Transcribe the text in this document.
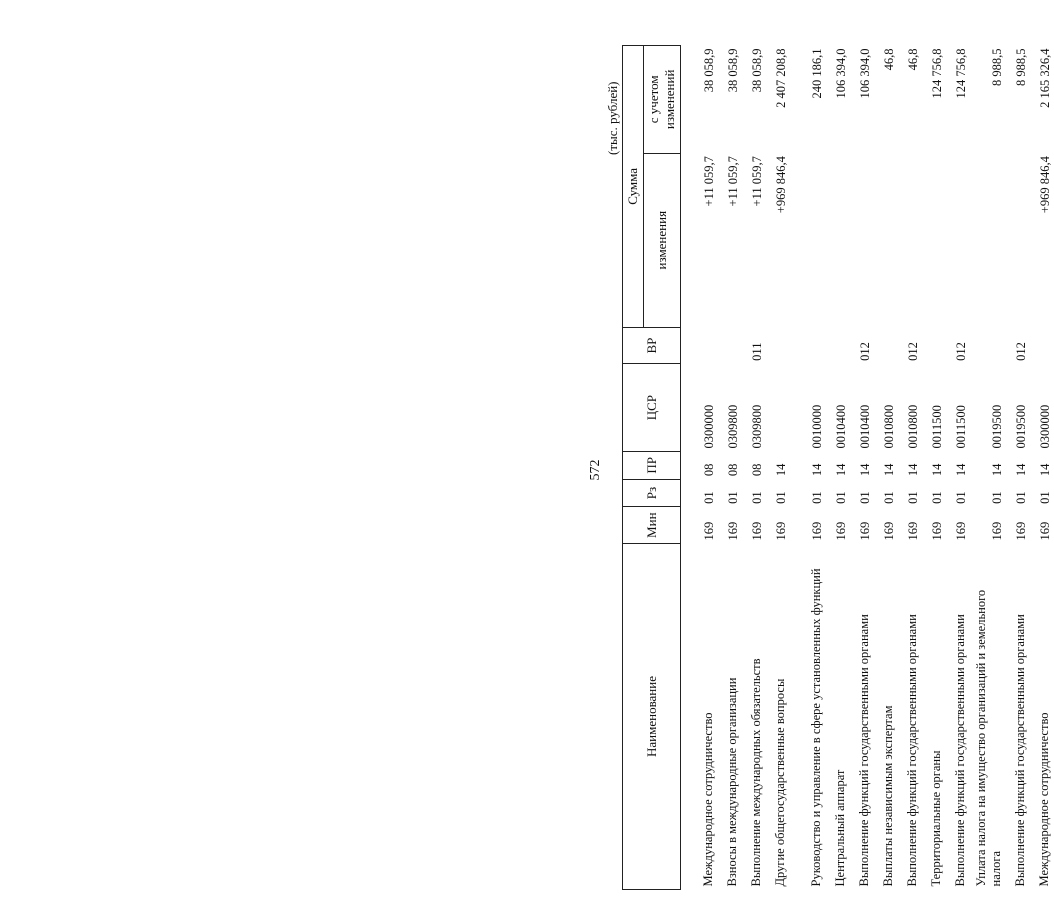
572
(тыс. рублей)
Наименование	Мин	Рз	ПР	ЦСР	ВР	Сумма	
						изменения	с учетом изменений
Международное сотрудничество	169	01	08	0300000		+11 059,7	38 058,9
Взносы в международные организации	169	01	08	0309800		+11 059,7	38 058,9
Выполнение международных обязательств	169	01	08	0309800	011	+11 059,7	38 058,9
Другие общегосударственные вопросы	169	01	14			+969 846,4	2 407 208,8
Руководство и управление в сфере установленных функций	169	01	14	0010000			240 186,1
Центральный аппарат	169	01	14	0010400			106 394,0
Выполнение функций государственными органами	169	01	14	0010400	012		106 394,0
Выплаты независимым экспертам	169	01	14	0010800			46,8
Выполнение функций государственными органами	169	01	14	0010800	012		46,8
Территориальные органы	169	01	14	0011500			124 756,8
Выполнение функций государственными органами	169	01	14	0011500	012		124 756,8
Уплата налога на имущество организаций и земельного налога	169	01	14	0019500			8 988,5
Выполнение функций государственными органами	169	01	14	0019500	012		8 988,5
Международное сотрудничество	169	01	14	0300000		+969 846,4	2 165 326,4
